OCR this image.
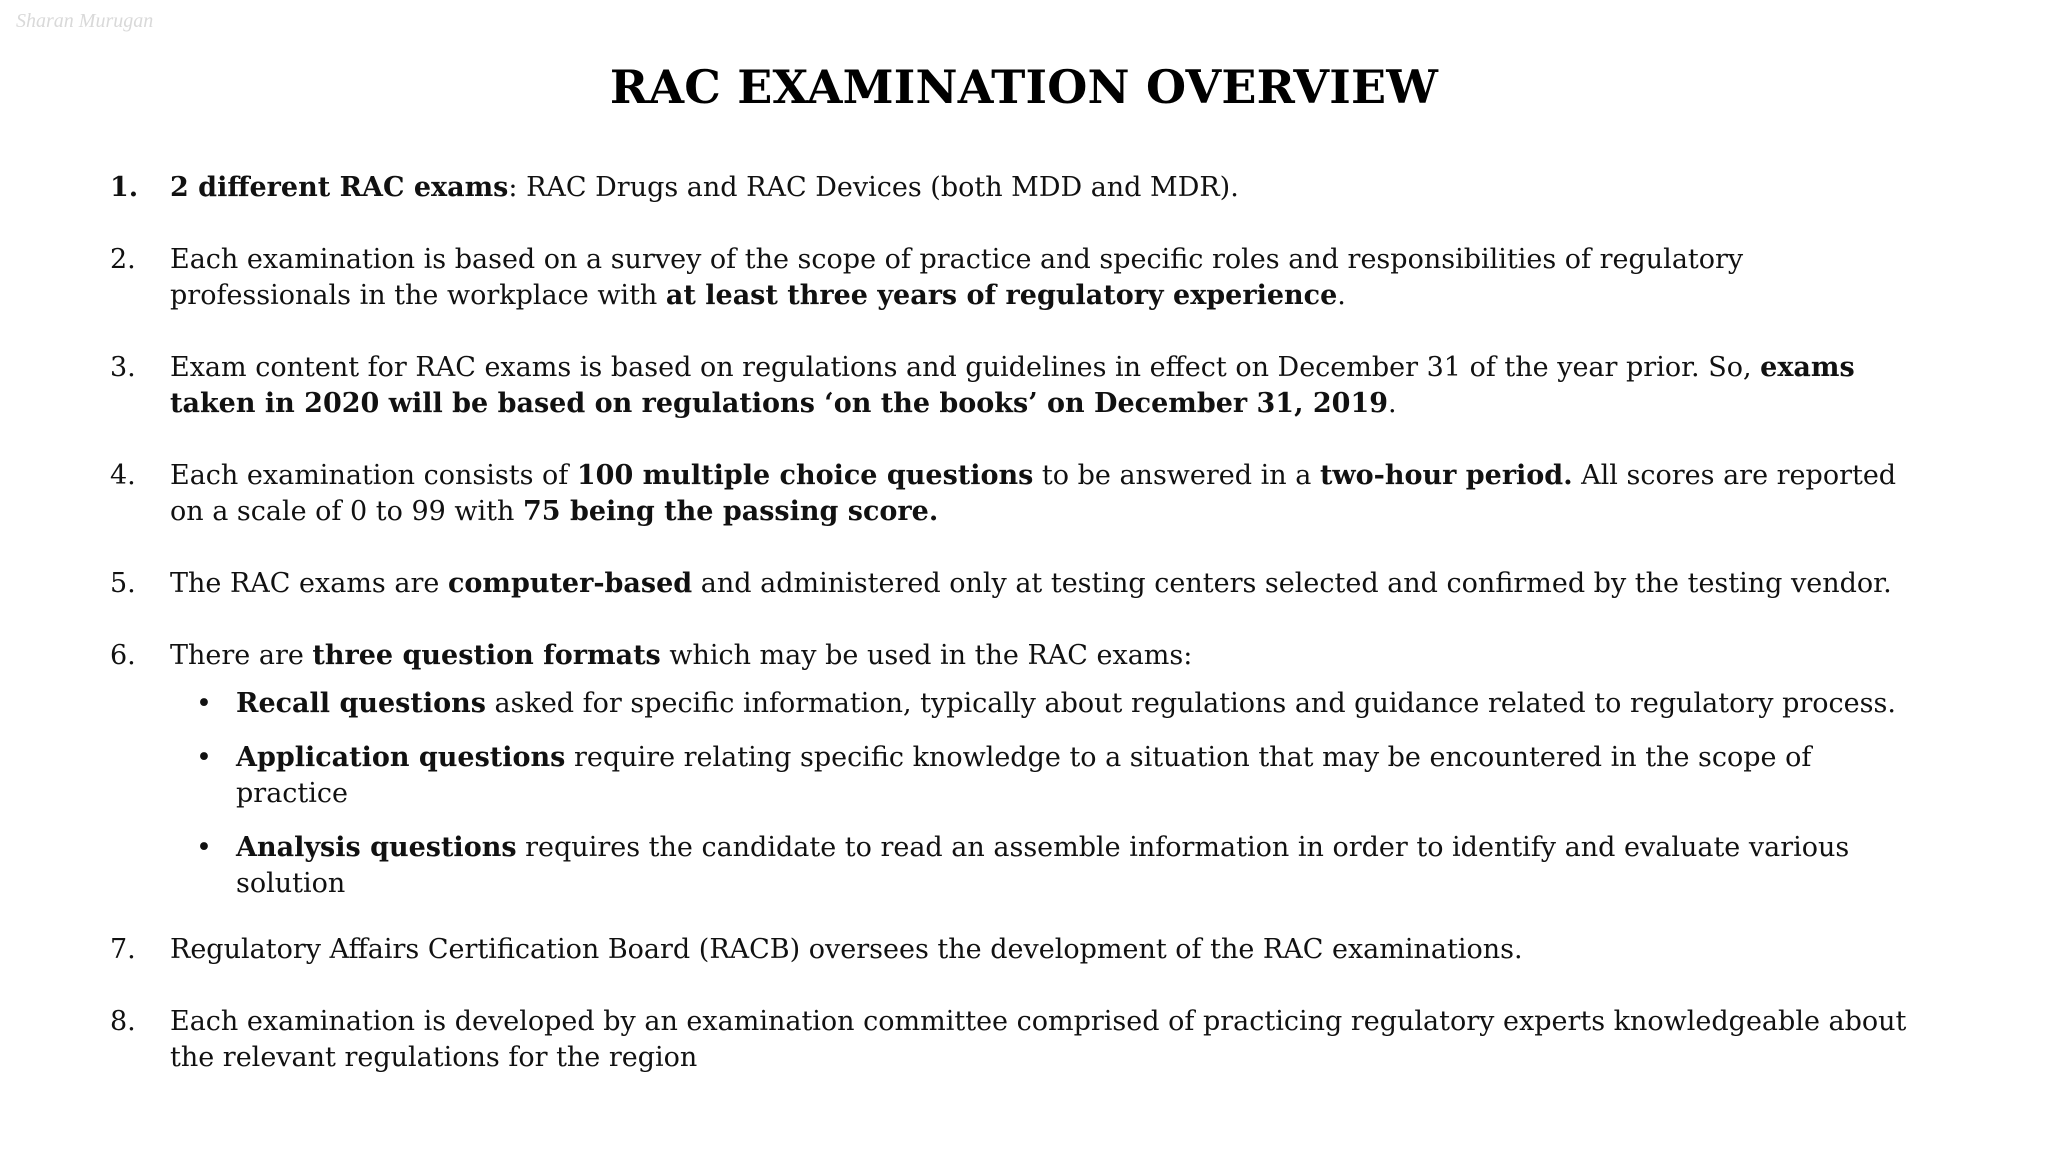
Sharan Murugan
RAC EXAMINATION OVERVIEW
1.	2 different RAC exams: RAC Drugs and RAC Devices (both MDD and MDR).
2.	Each examination is based on a survey of the scope of practice and specific roles and responsibilities of regulatory professionals in the workplace with at least three years of regulatory experience.
3.	Exam content for RAC exams is based on regulations and guidelines in effect on December 31 of the year prior. So, exams taken in 2020 will be based on regulations ‘on the books’ on December 31, 2019.
4.	Each examination consists of 100 multiple choice questions to be answered in a two-hour period. All scores are reported on a scale of 0 to 99 with 75 being the passing score.
5.	The RAC exams are computer-based and administered only at testing centers selected and confirmed by the testing vendor.
6.	There are three question formats which may be used in the RAC exams:
• Recall questions asked for specific information, typically about regulations and guidance related to regulatory process.
• Application questions require relating specific knowledge to a situation that may be encountered in the scope of practice
• Analysis questions requires the candidate to read an assemble information in order to identify and evaluate various solution
7.	Regulatory Affairs Certification Board (RACB) oversees the development of the RAC examinations.
8.	Each examination is developed by an examination committee comprised of practicing regulatory experts knowledgeable about the relevant regulations for the region
